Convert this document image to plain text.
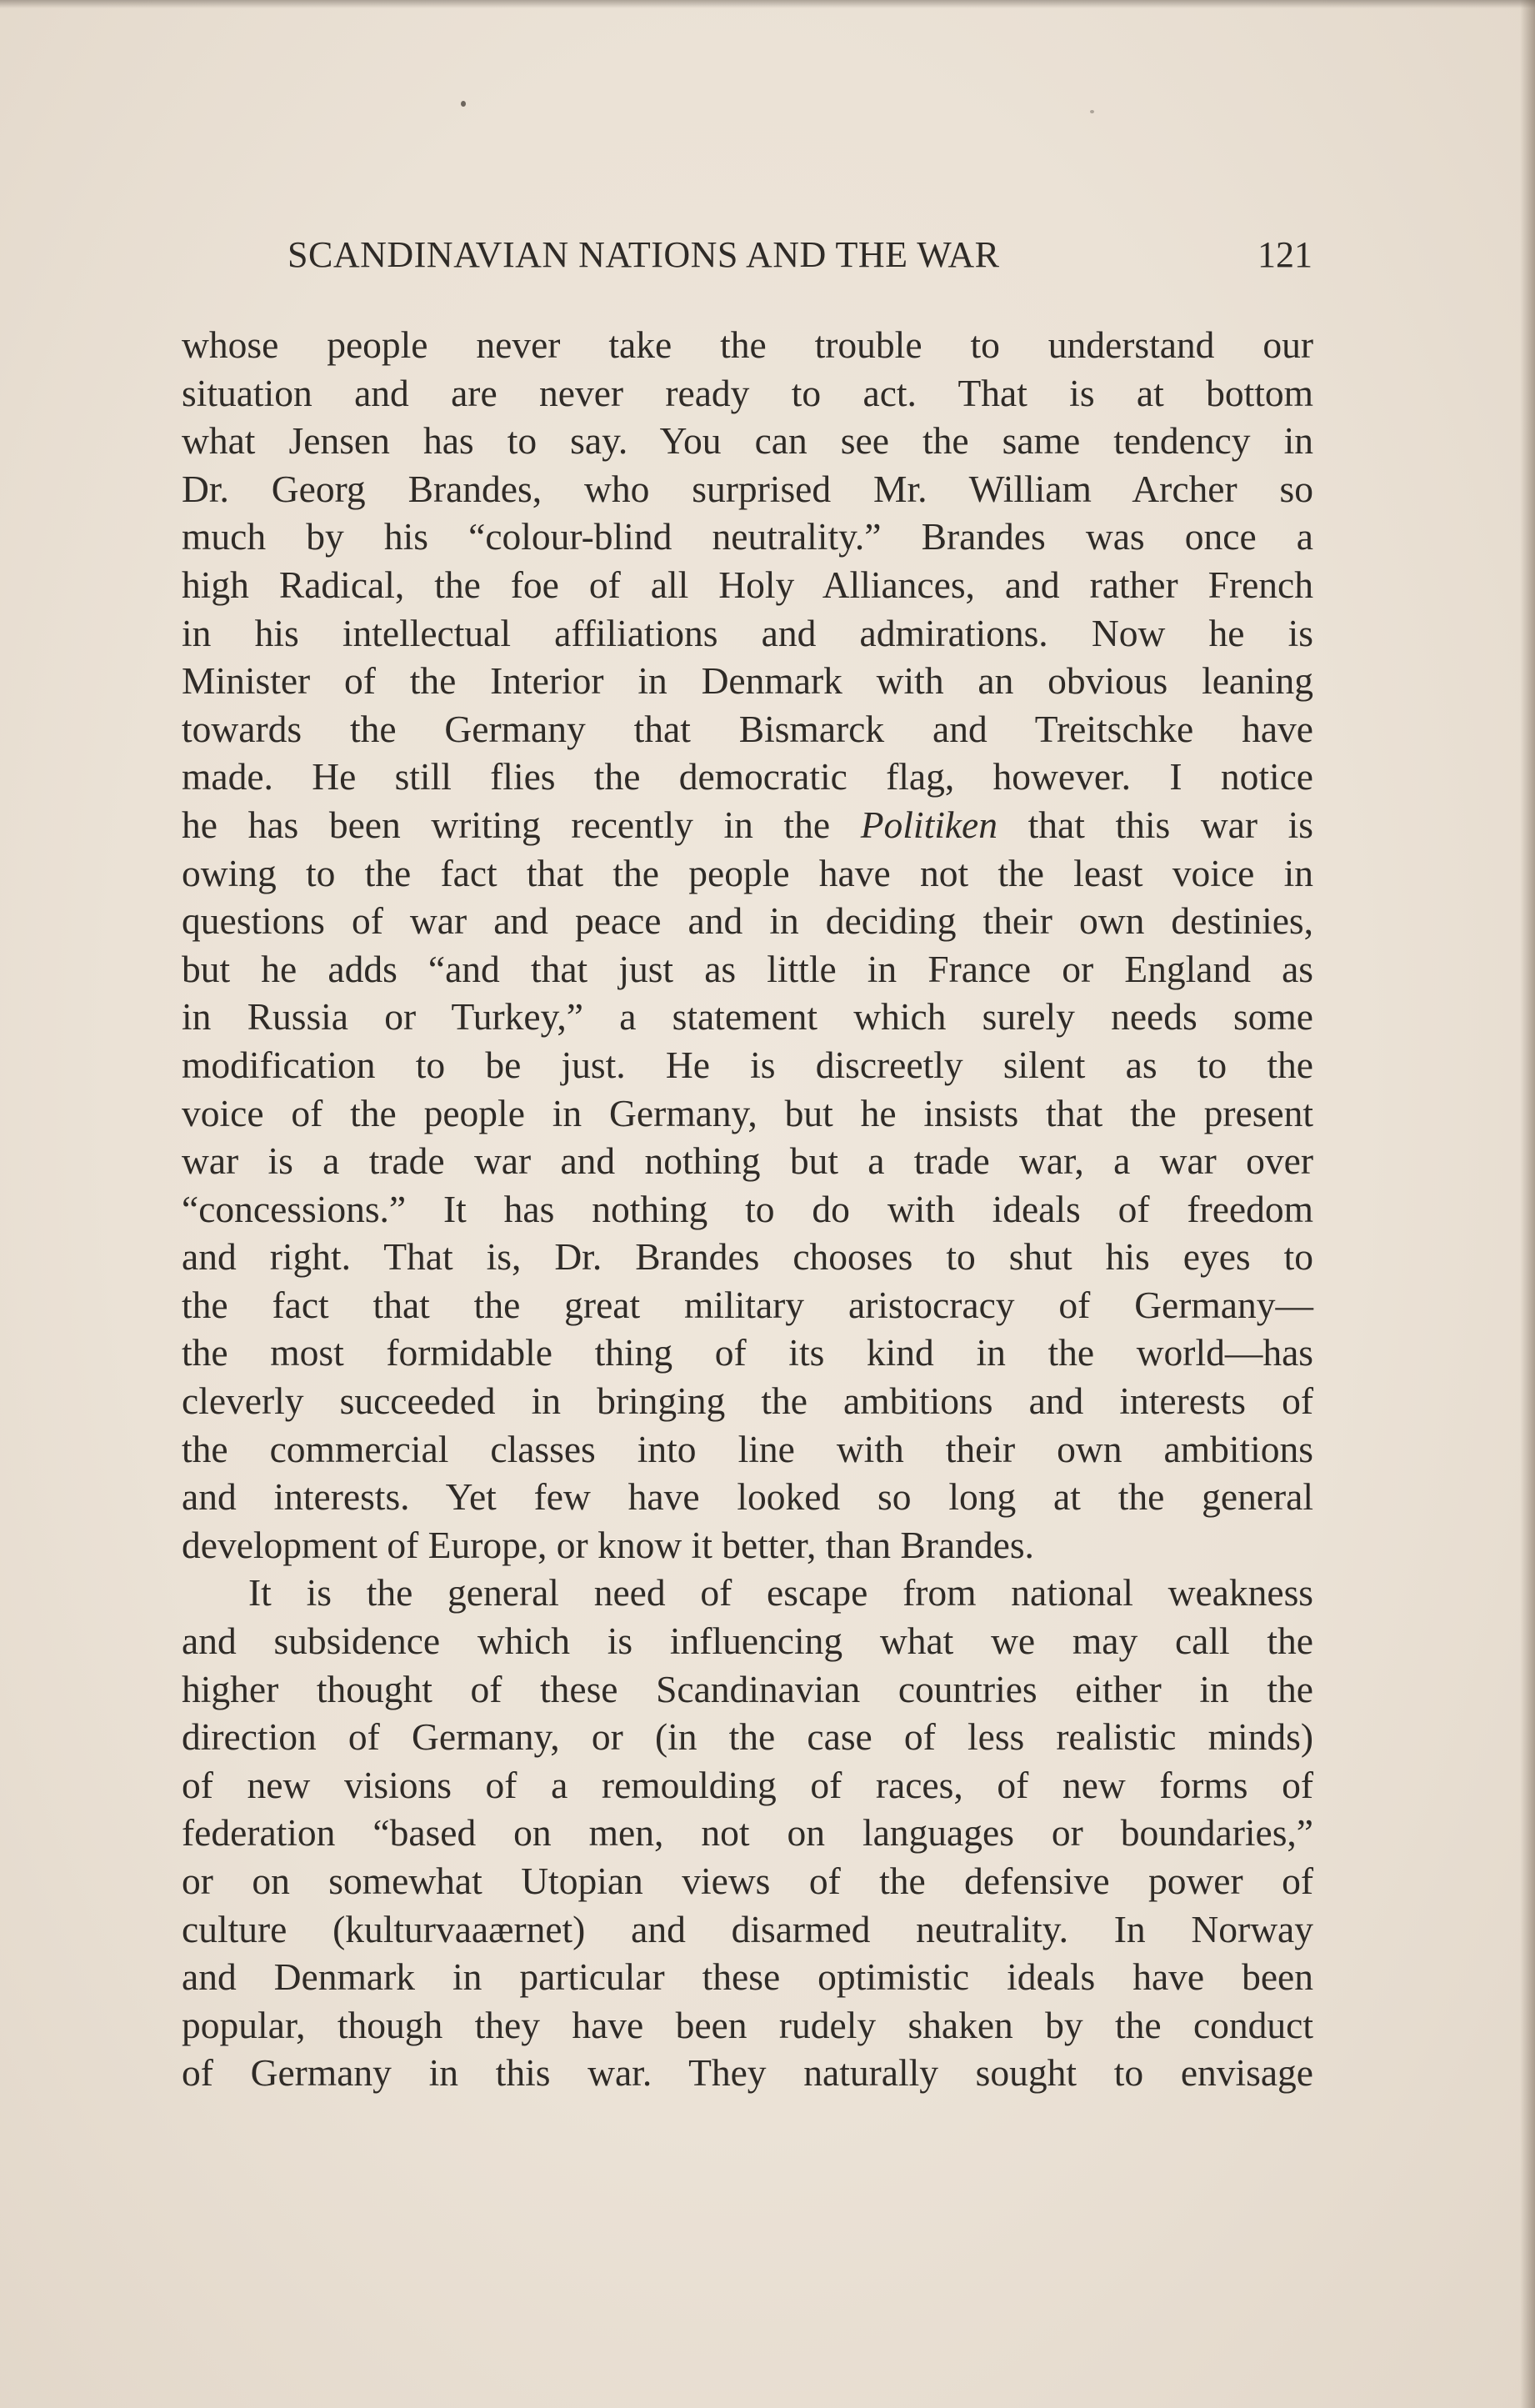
SCANDINAVIAN NATIONS AND THE WAR	121
whose people never take the trouble to understand our
situation and are never ready to act. That is at bottom
what Jensen has to say. You can see the same tendency in
Dr. Georg Brandes, who surprised Mr. William Archer so
much by his “colour-blind neutrality.” Brandes was once a
high Radical, the foe of all Holy Alliances, and rather French
in his intellectual affiliations and admirations. Now he is
Minister of the Interior in Denmark with an obvious leaning
towards the Germany that Bismarck and Treitschke have
made. He still flies the democratic flag, however. I notice
he has been writing recently in the Politiken that this war is
owing to the fact that the people have not the least voice in
questions of war and peace and in deciding their own destinies,
but he adds “and that just as little in France or England as
in Russia or Turkey,” a statement which surely needs some
modification to be just. He is discreetly silent as to the
voice of the people in Germany, but he insists that the present
war is a trade war and nothing but a trade war, a war over
“concessions.” It has nothing to do with ideals of freedom
and right. That is, Dr. Brandes chooses to shut his eyes to
the fact that the great military aristocracy of Germany—
the most formidable thing of its kind in the world—has
cleverly succeeded in bringing the ambitions and interests of
the commercial classes into line with their own ambitions
and interests. Yet few have looked so long at the general
development of Europe, or know it better, than Brandes.
It is the general need of escape from national weakness
and subsidence which is influencing what we may call the
higher thought of these Scandinavian countries either in the
direction of Germany, or (in the case of less realistic minds)
of new visions of a remoulding of races, of new forms of
federation “based on men, not on languages or boundaries,”
or on somewhat Utopian views of the defensive power of
culture (kulturvaaærnet) and disarmed neutrality. In Norway
and Denmark in particular these optimistic ideals have been
popular, though they have been rudely shaken by the conduct
of Germany in this war. They naturally sought to envisage
